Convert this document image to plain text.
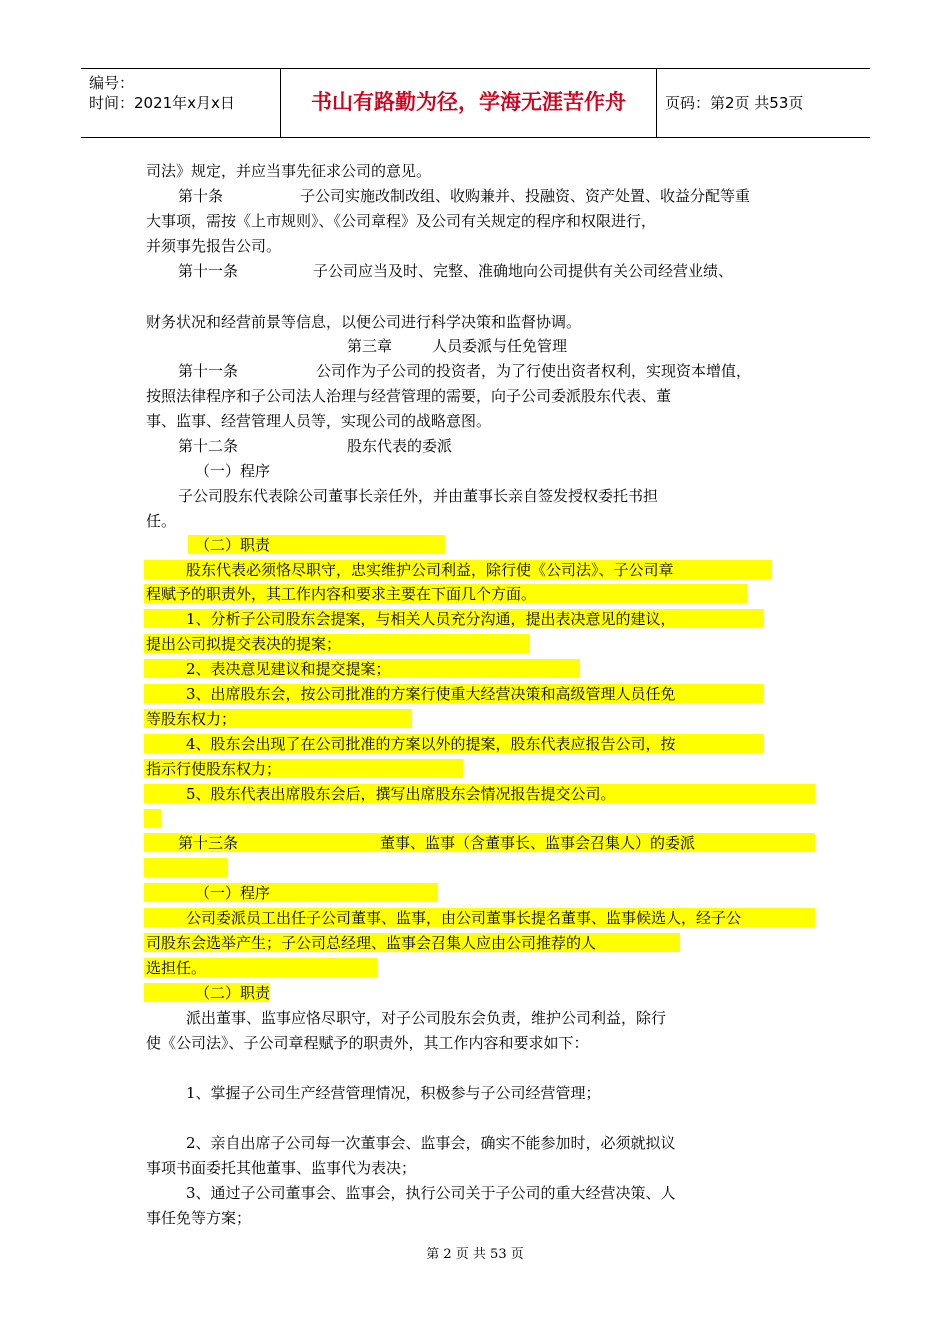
编号：
时间：2021年x月x日	书山有路勤为径，学海无涯苦作舟	页码：第2页 共53页
司法》规定，并应当事先征求公司的意见。
第十条	子公司实施改制改组、收购兼并、投融资、资产处置、收益分配等重
大事项，需按《上市规则》、《公司章程》及公司有关规定的程序和权限进行，
并须事先报告公司。
第十一条	子公司应当及时、完整、准确地向公司提供有关公司经营业绩、
财务状况和经营前景等信息，以便公司进行科学决策和监督协调。
第三章	人员委派与任免管理
第十一条	公司作为子公司的投资者，为了行使出资者权利，实现资本增值，
按照法律程序和子公司法人治理与经营管理的需要，向子公司委派股东代表、董
事、监事、经营管理人员等，实现公司的战略意图。
第十二条	股东代表的委派
（一）程序
子公司股东代表除公司董事长亲任外，并由董事长亲自签发授权委托书担
任。
（二）职责
股东代表必须恪尽职守，忠实维护公司利益，除行使《公司法》、子公司章
程赋予的职责外，其工作内容和要求主要在下面几个方面。
1、分析子公司股东会提案，与相关人员充分沟通，提出表决意见的建议，
提出公司拟提交表决的提案；
2、表决意见建议和提交提案；
3、出席股东会，按公司批准的方案行使重大经营决策和高级管理人员任免
等股东权力；
4、股东会出现了在公司批准的方案以外的提案，股东代表应报告公司，按
指示行使股东权力；
5、股东代表出席股东会后，撰写出席股东会情况报告提交公司。
第十三条	董事、监事（含董事长、监事会召集人）的委派
（一）程序
公司委派员工出任子公司董事、监事，由公司董事长提名董事、监事候选人，经子公
司股东会选举产生；子公司总经理、监事会召集人应由公司推荐的人
选担任。
（二）职责
派出董事、监事应恪尽职守，对子公司股东会负责，维护公司利益，除行
使《公司法》、子公司章程赋予的职责外，其工作内容和要求如下：
1、掌握子公司生产经营管理情况，积极参与子公司经营管理；
2、亲自出席子公司每一次董事会、监事会，确实不能参加时，必须就拟议
事项书面委托其他董事、监事代为表决；
3、通过子公司董事会、监事会，执行公司关于子公司的重大经营决策、人
事任免等方案；
第 2 页 共 53 页
